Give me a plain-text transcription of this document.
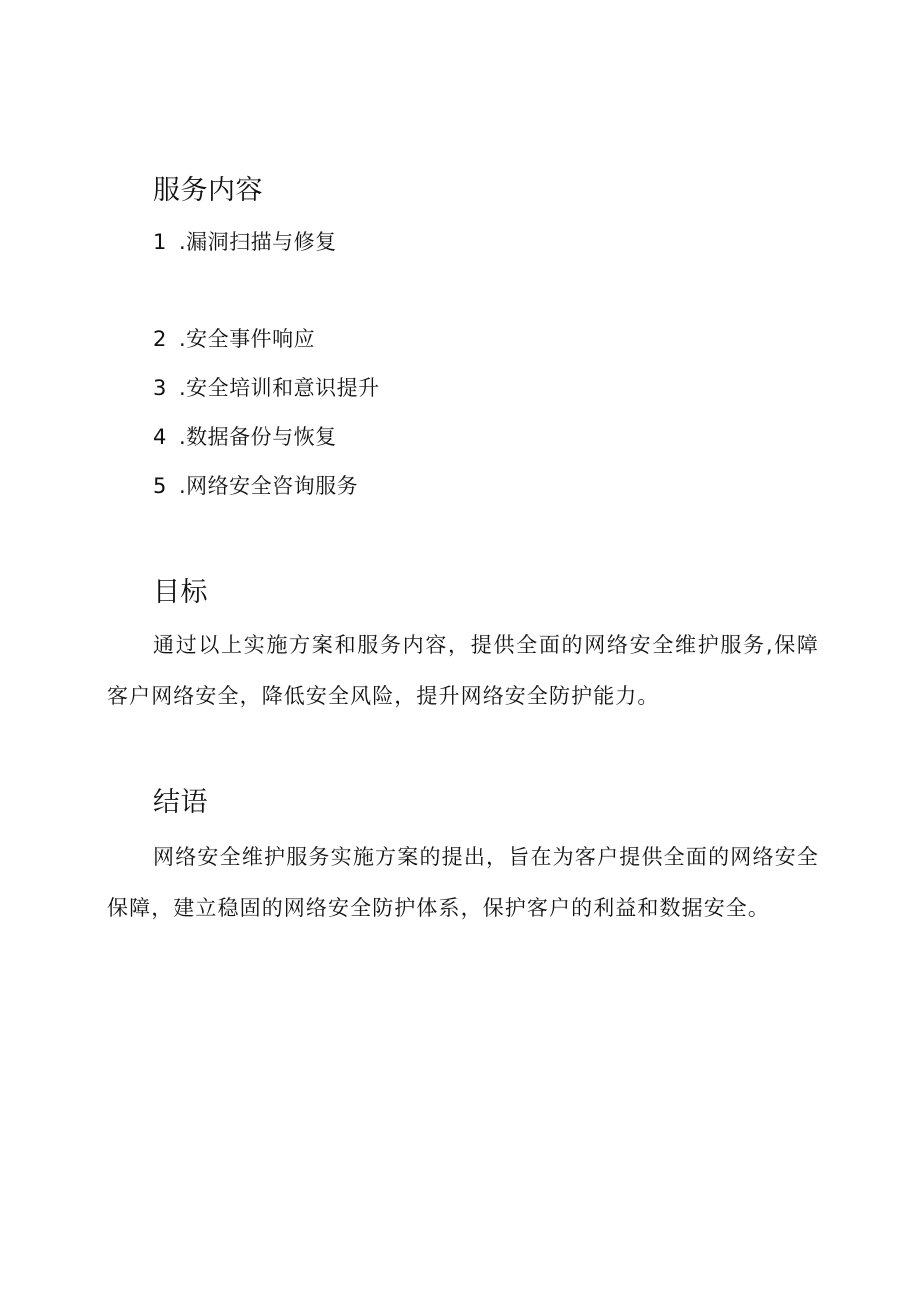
服务内容
1 .漏洞扫描与修复
2 .安全事件响应
3 .安全培训和意识提升
4 .数据备份与恢复
5 .网络安全咨询服务
目标

通过以上实施方案和服务内容，提供全面的网络安全维护服务,保障客户网络安全，降低安全风险，提升网络安全防护能力。

结语

网络安全维护服务实施方案的提出，旨在为客户提供全面的网络安全保障，建立稳固的网络安全防护体系，保护客户的利益和数据安全。
